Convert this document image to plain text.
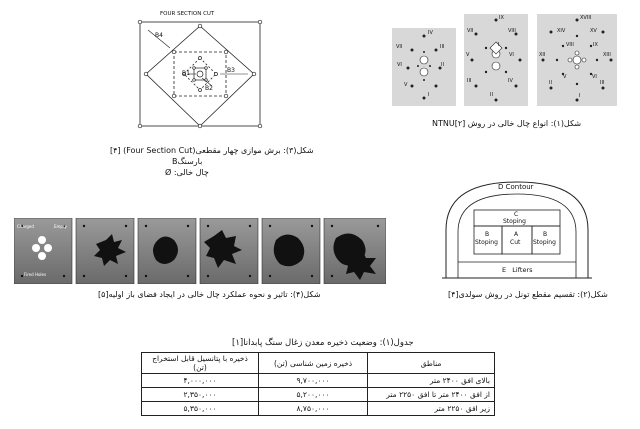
FOUR SECTION CUT
B4
B3
B2
B1
شکل(۳): برش موازی چهار مقطعی(Four Section Cut) [۴]
بارسنگB
چال خالی: Ø
شکل(۱): انواع چال خالی در روش NTNU[۲]
D Contour
C
Stoping
B
Stoping
A
Cut
B
Stoping
E   Lifters
شکل(۲): تقسیم مقطع تونل در روش سولدی[۴]
Charged	Empty
Fired Holes
شکل(۴): تاثیر و نحوه عملکرد چال خالی در ایجاد فضای باز اولیه[۵]
جدول(۱): وضعیت ذخیره معدن زغال سنگ پابدانا[۱]
مناطق	ذخیره زمین شناسی (تن)	ذخیره با پتانسیل قابل استخراج (تن)
بالای افق ۲۴۰۰ متر	۹,۷۰۰,۰۰۰	۴,۰۰۰,۰۰۰
از افق ۲۴۰۰ متر تا افق ۲۲۵۰ متر	۵,۲۰۰,۰۰۰	۲,۳۵۰,۰۰۰
زیر افق ۲۲۵۰ متر	۸,۷۵۰,۰۰۰	۵,۳۵۰,۰۰۰
IV
III
II
I
VII
VI
V
IX
VIII
VII
VI
V
IV
III
II
I
XVIII
XV
XIV
XIII
XII
IX
VIII
VI
V
III
II
I
